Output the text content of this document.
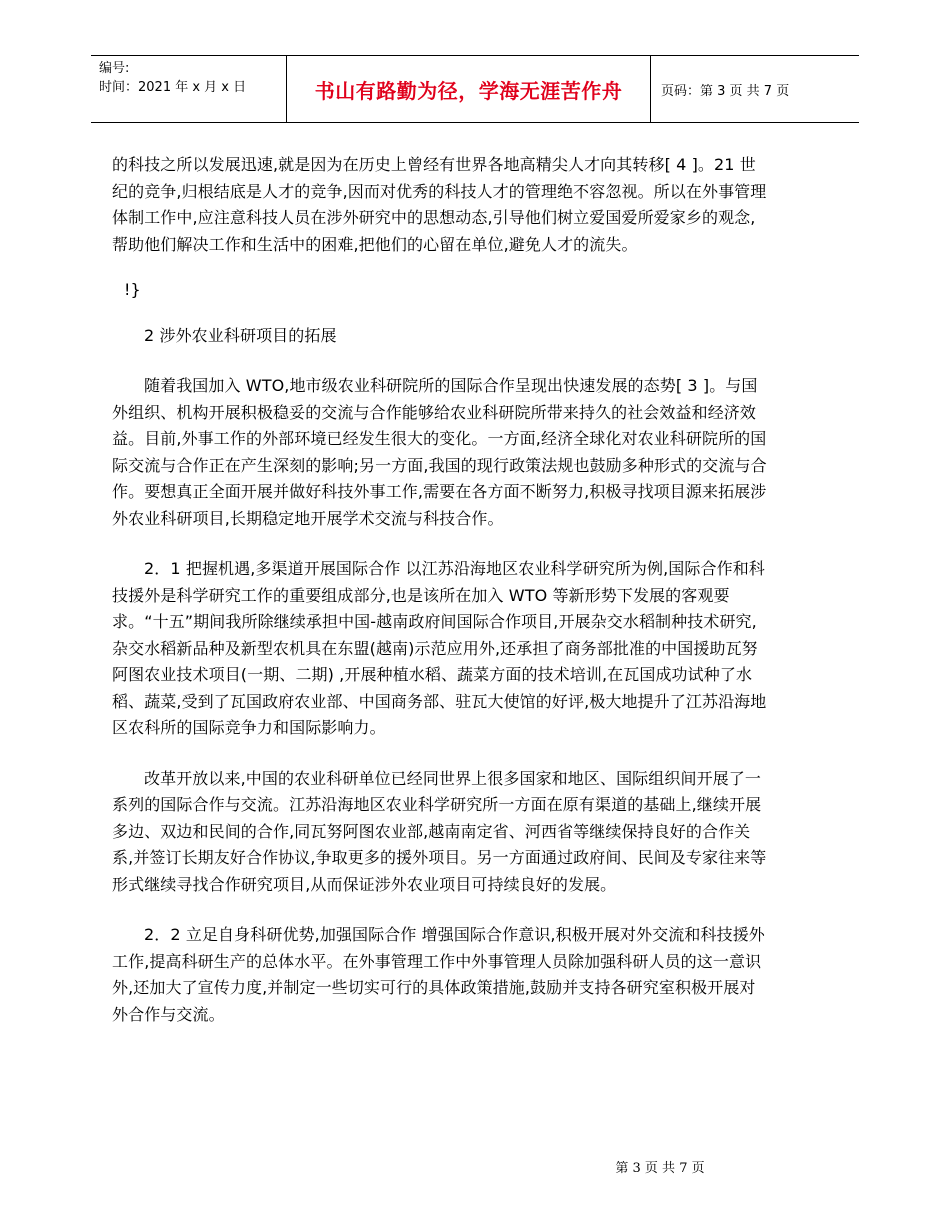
编号:
时间：2021 年 x 月 x 日	书山有路勤为径，学海无涯苦作舟	页码：第 3 页 共 7 页

的科技之所以发展迅速,就是因为在历史上曾经有世界各地高精尖人才向其转移[ 4 ]。21 世纪的竞争,归根结底是人才的竞争,因而对优秀的科技人才的管理绝不容忽视。所以在外事管理体制工作中,应注意科技人员在涉外研究中的思想动态,引导他们树立爱国爱所爱家乡的观念,帮助他们解决工作和生活中的困难,把他们的心留在单位,避免人才的流失。

!}

2 涉外农业科研项目的拓展

随着我国加入 WTO,地市级农业科研院所的国际合作呈现出快速发展的态势[ 3 ]。与国外组织、机构开展积极稳妥的交流与合作能够给农业科研院所带来持久的社会效益和经济效益。目前,外事工作的外部环境已经发生很大的变化。一方面,经济全球化对农业科研院所的国际交流与合作正在产生深刻的影响;另一方面,我国的现行政策法规也鼓励多种形式的交流与合作。要想真正全面开展并做好科技外事工作,需要在各方面不断努力,积极寻找项目源来拓展涉外农业科研项目,长期稳定地开展学术交流与科技合作。

2．1 把握机遇,多渠道开展国际合作 以江苏沿海地区农业科学研究所为例,国际合作和科技援外是科学研究工作的重要组成部分,也是该所在加入 WTO 等新形势下发展的客观要求。“十五”期间我所除继续承担中国-越南政府间国际合作项目,开展杂交水稻制种技术研究,杂交水稻新品种及新型农机具在东盟(越南)示范应用外,还承担了商务部批准的中国援助瓦努阿图农业技术项目(一期、二期) ,开展种植水稻、蔬菜方面的技术培训,在瓦国成功试种了水稻、蔬菜,受到了瓦国政府农业部、中国商务部、驻瓦大使馆的好评,极大地提升了江苏沿海地区农科所的国际竞争力和国际影响力。

改革开放以来,中国的农业科研单位已经同世界上很多国家和地区、国际组织间开展了一系列的国际合作与交流。江苏沿海地区农业科学研究所一方面在原有渠道的基础上,继续开展多边、双边和民间的合作,同瓦努阿图农业部,越南南定省、河西省等继续保持良好的合作关系,并签订长期友好合作协议,争取更多的援外项目。另一方面通过政府间、民间及专家往来等形式继续寻找合作研究项目,从而保证涉外农业项目可持续良好的发展。

2．2 立足自身科研优势,加强国际合作 增强国际合作意识,积极开展对外交流和科技援外工作,提高科研生产的总体水平。在外事管理工作中外事管理人员除加强科研人员的这一意识外,还加大了宣传力度,并制定一些切实可行的具体政策措施,鼓励并支持各研究室积极开展对外合作与交流。

第 3 页 共 7 页
